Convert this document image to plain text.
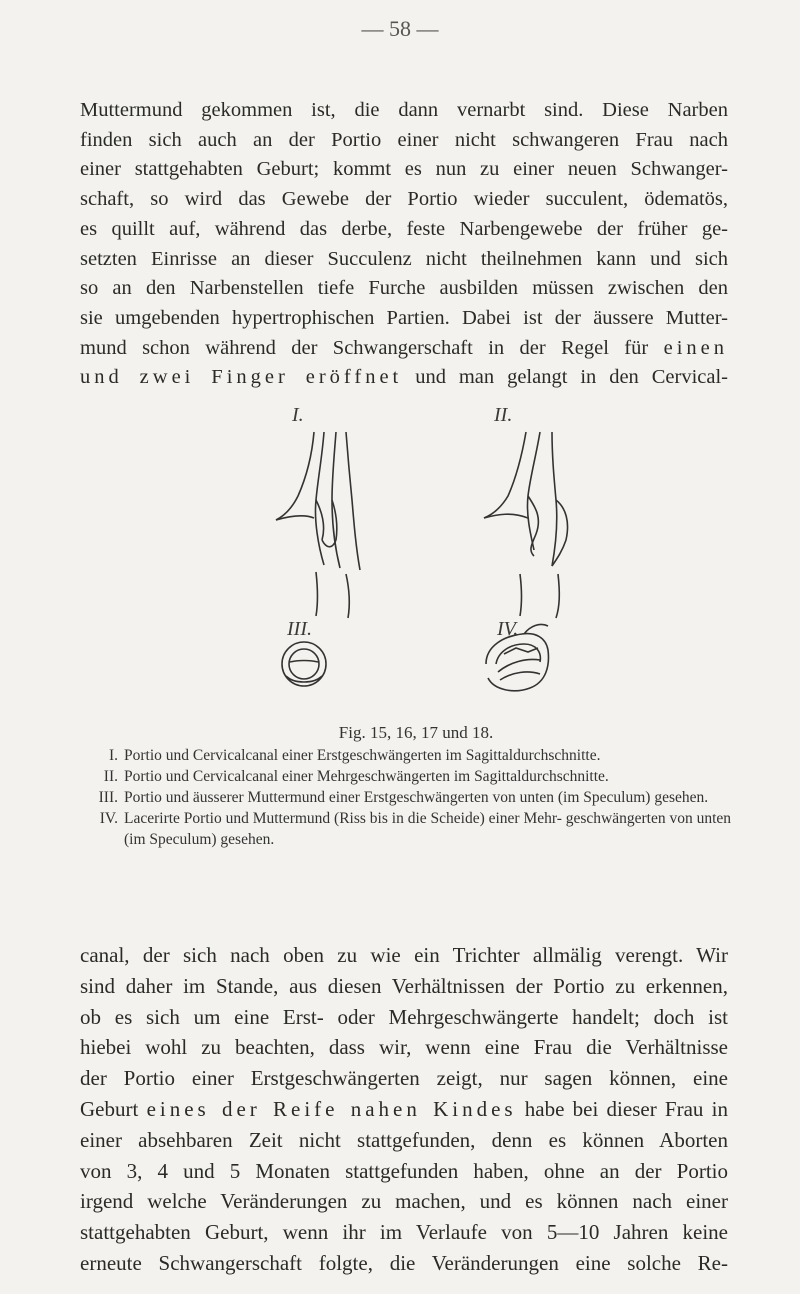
— 58 —
Muttermund gekommen ist, die dann vernarbt sind. Diese Narben
finden sich auch an der Portio einer nicht schwangeren Frau nach
einer stattgehabten Geburt; kommt es nun zu einer neuen Schwanger-
schaft, so wird das Gewebe der Portio wieder succulent, ödematös,
es quillt auf, während das derbe, feste Narbengewebe der früher ge-
setzten Einrisse an dieser Succulenz nicht theilnehmen kann und sich
so an den Narbenstellen tiefe Furche ausbilden müssen zwischen den
sie umgebenden hypertrophischen Partien. Dabei ist der äussere Mutter-
mund schon während der Schwangerschaft in der Regel für einen
und zwei Finger eröffnet und man gelangt in den Cervical-
I.	II.
III.	IV.
Fig. 15, 16, 17 und 18.
I. Portio und Cervicalcanal einer Erstgeschwängerten im Sagittaldurchschnitte.
II. Portio und Cervicalcanal einer Mehrgeschwängerten im Sagittaldurchschnitte.
III. Portio und äusserer Muttermund einer Erstgeschwängerten von unten (im Speculum) gesehen.
IV. Lacerirte Portio und Muttermund (Riss bis in die Scheide) einer Mehr- geschwängerten von unten (im Speculum) gesehen.
canal, der sich nach oben zu wie ein Trichter allmälig verengt. Wir
sind daher im Stande, aus diesen Verhältnissen der Portio zu erkennen,
ob es sich um eine Erst- oder Mehrgeschwängerte handelt; doch ist
hiebei wohl zu beachten, dass wir, wenn eine Frau die Verhältnisse
der Portio einer Erstgeschwängerten zeigt, nur sagen können, eine
Geburt eines der Reife nahen Kindes habe bei dieser Frau in
einer absehbaren Zeit nicht stattgefunden, denn es können Aborten
von 3, 4 und 5 Monaten stattgefunden haben, ohne an der Portio
irgend welche Veränderungen zu machen, und es können nach einer
stattgehabten Geburt, wenn ihr im Verlaufe von 5—10 Jahren keine
erneute Schwangerschaft folgte, die Veränderungen eine solche Re-
